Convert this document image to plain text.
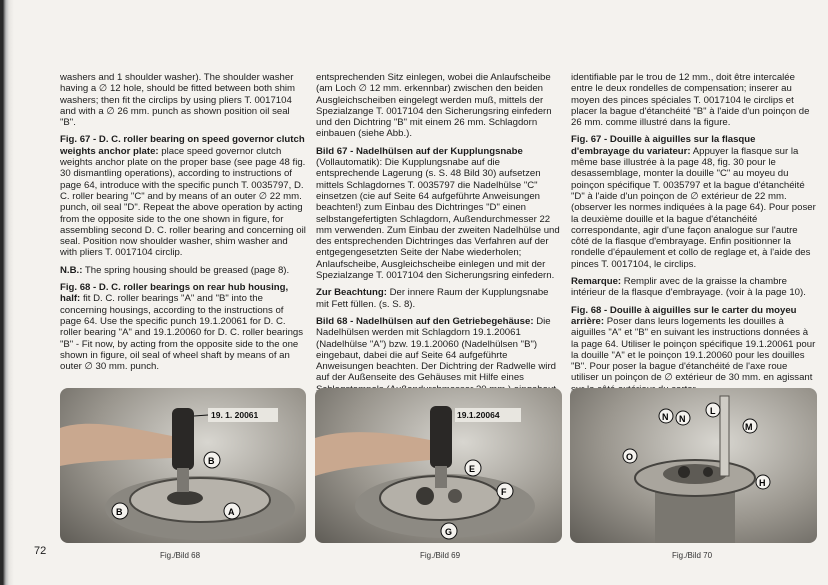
washers and 1 shoulder washer). The shoulder washer having a ∅ 12 hole, should be fitted between both shim washers; then fit the circlips by using pliers T. 0017104 and with a ∅ 26 mm. punch as shown position oil seal "B".

Fig. 67 - D. C. roller bearing on speed governor clutch weights anchor plate: place speed governor clutch weights anchor plate on the proper base (see page 48 fig. 30 dismantling operations), according to instructions of page 64, introduce with the specific punch T. 0035797, D. C. roller bearing "C" and by means of an outer ∅ 22 mm. punch, oil seal "D". Repeat the above operation by acting from the opposite side to the one shown in figure, for assembling second D. C. roller bearing and concerning oil seal. Position now shoulder washer, shim washer and with pliers T. 0017104 circlip.

N.B.: The spring housing should be greased (page 8).

Fig. 68 - D. C. roller bearings on rear hub housing, half: fit D. C. roller bearings "A" and "B" into the concerning housings, according to the instructions of page 64. Use the specific punch 19.1.20061 for D. C. roller bearing "A" and 19.1.20060 for D. C. roller bearings "B" - Fit now, by acting from the opposite side to the one shown in figure, oil seal of wheel shaft by means of an outer ∅ 30 mm. punch.

entsprechenden Sitz einlegen, wobei die Anlaufscheibe (am Loch ∅ 12 mm. erkennbar) zwischen den beiden Ausgleichscheiben eingelegt werden muß, mittels der Spezialzange T. 0017104 den Sicherungsring einfedern und den Dichtring "B" mit einem 26 mm. Schlagdorn einbauen (siehe Abb.).

Bild 67 - Nadelhülsen auf der Kupplungsnabe (Vollautomatik): Die Kupplungsnabe auf die entsprechende Lagerung (s. S. 48 Bild 30) aufsetzen mittels Schlagdornes T. 0035797 die Nadelhülse "C" einsetzen (cie auf Seite 64 aufgeführte Anweisungen beachten!) zum Einbau des Dichtringes "D" einen selbstangefertigten Schlagdorn, Außendurchmesser 22 mm verwenden. Zum Einbau der zweiten Nadelhülse und des entsprechenden Dichtringes das Verfahren auf der entgegengesetzten Seite der Nabe wiederholen; Anlaufscheibe, Ausgleichscheibe einlegen und mit der Spezialzange T. 0017104 den Sicherungsring einfedern.

Zur Beachtung: Der innere Raum der Kupplungsnabe mit Fett füllen. (s. S. 8).

Bild 68 - Nadelhülsen auf den Getriebegehäuse: Die Nadelhülsen werden mit Schlagdorn 19.1.20061 (Nadelhülse "A") bzw. 19.1.20060 (Nadelhülsen "B") eingebaut, dabei die auf Seite 64 aufgeführte Anweisungen beachten. Der Dichtring der Radwelle wird auf der Außenseite des Gehäuses mit Hilfe eines

identifiable par le trou de 12 mm., doit être intercalée entre le deux rondelles de compensation; inserer au moyen des pinces spéciales T. 0017104 le circlips et placer la bague d'étanchéité "B" à l'aide d'un poinçon de 26 mm. comme illustré dans la figure.

Fig. 67 - Douille à aiguilles sur la flasque d'embrayage du variateur: Appuyer la flasque sur la même base illustrée à la page 48, fig. 30 pour le desassemblage, monter la douille "C" au moyeu du poinçon spécifique T. 0035797 et la bague d'étanchéité "D" à l'aide d'un poinçon de ∅ extérieur de 22 mm. (observer les normes indiquées à la page 64). Pour poser la deuxième douille et la bague d'étanchéité correspondante, agir d'une façon analogue sur l'autre côté de la flasque d'embrayage. Enfin positionner la rondelle d'épaulement et collo de reglage et, à l'aide des pinces T. 0017104, le circlips.

Remarque: Remplir avec de la graisse la chambre intérieur de la flasque d'embrayage. (voir à la page 10).

Fig. 68 - Douille à aiguilles sur le carter du moyeu arrière: Poser dans leurs logements les douilles à aiguilles "A" et "B" en suivant les instructions données à la page 64. Utiliser le poinçon spécifique 19.1.20061 pour la douille "A" et le poinçon 19.1.20060 pour les douilles "B". Pour poser la bague d'étanchéité de l'axe roue utiliser un poinçon de ∅ extérieur de 30 mm. en agissant

19. 1. 20061
B
B	A
19.1.20064
E
F
G
L
N
N
O
M
H
Fig./Bild 68	Fig./Bild 69	Fig./Bild 70
72
